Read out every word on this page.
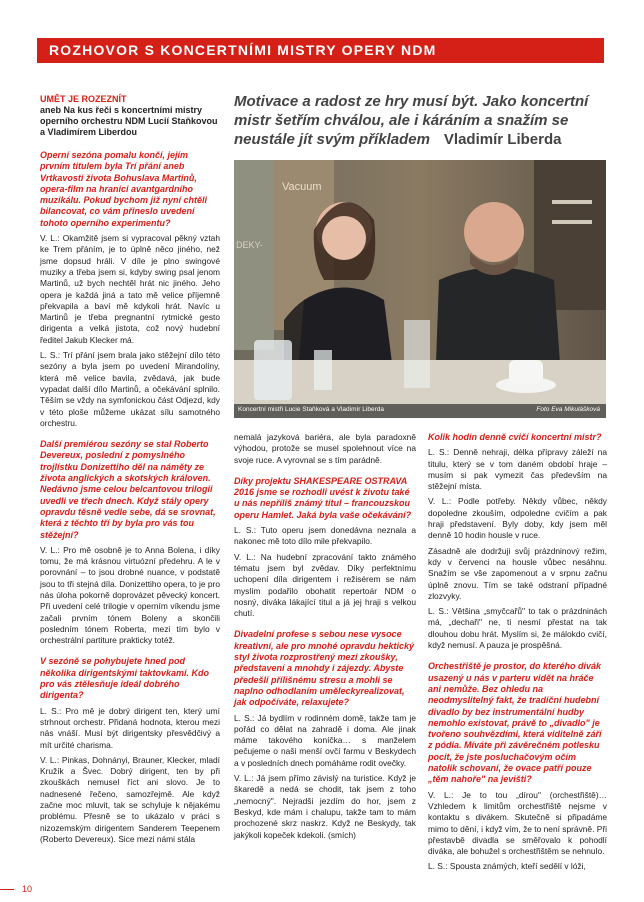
ROZHOVOR S KONCERTNÍMI MISTRY OPERY NDM

UMĚT JE ROZEZNÍT

aneb Na kus řeči s koncertními mistry operního orchestru NDM Lucií Staňkovou a Vladimírem Liberdou

Operní sezóna pomalu končí, jejím prvním titulem byla Trí přání aneb Vrtkavosti života Bohuslava Martinů, opera-film na hranici avantgardního muzikálu. Pokud bychom již nyní chtěli bilancovat, co vám přineslo uvedení tohoto operního experimentu?

V. L.: Okamžitě jsem si vypracoval pěkný vztah ke Trem přáním, je to úplně něco jiného, než jsme dopsud hráli. V díle je plno swingové muziky a třeba jsem si, kdyby swing psal jenom Martinů, už bych nechtěl hrát nic jiného. Jeho opera je každá jiná a tato mě velice příjemně překvapila a baví mě kdykoli hrát. Navíc u Martinů je třeba pregnantní rytmické gesto dirigenta a velká jistota, což nový hudební ředitel Jakub Klecker má.

L. S.: Trí přání jsem brala jako stěžejní dílo této sezóny a byla jsem po uvedení Mirandolíny, která mě velice bavila, zvědavá, jak bude vypadat další dílo Martinů, a očekávání splnilo. Těším se vždy na symfonickou část Odjezd, kdy v této ploše můžeme ukázat sílu samotného orchestru.

Další premiérou sezóny se stal Roberto Devereux, poslední z pomyslného trojlístku Donizettiho děl na náměty ze života anglických a skotských královen. Nedávno jsme celou belcantovou trilogii uvedli ve třech dnech. Když stály opery opravdu těsně vedle sebe, dá se srovnat, která z těchto tří by byla pro vás tou stěžejní?

V. L.: Pro mě osobně je to Anna Bolena, i díky tomu, že má krásnou virtuózní předehru. A le v porovnání – to jsou drobné nuance, v podstatě jsou to tři stejná díla. Donizettiho opera, to je pro nás úloha pokorně doprovázet pěvecký koncert. Při uvedení celé trilogie v operním víkendu jsme začali prvním tónem Boleny a skončili posledním tónem Roberta, mezi tím bylo v orchestrální partiture prakticky totéž.

V sezóně se pohybujete hned pod několika dirigentskými taktovkami. Kdo pro vás ztělesňuje ideál dobrého dirigenta?

L. S.: Pro mě je dobrý dirigent ten, který umí strhnout orchestr. Přidaná hodnota, kterou mezi nás vnáší. Musí být dirigentsky přesvědčivý a mít určité charisma.

V. L.: Pinkas, Dohnányi, Brauner, Klecker, mladí Kružík a Švec. Dobrý dirigent, ten by při zkouškách nemusel říct ani slovo. Je to nadnesené řečeno, samozřejmě. Ale když začne moc mluvit, tak se schyluje k nějakému problému. Přesně se to ukázalo v práci s nizozemským dirigentem Sanderem Teepenem (Roberto Devereux). Sice mezi námi stála

Motivace a radost ze hry musí být. Jako koncertní mistr šetřím chválou, ale i káráním a snažím se neustále jít svým příkladem Vladimír Liberda

Vacuum
DEKY-
Koncertní mistři Lucie Staňková a Vladimír Liberda	Foto Eva Mikulášková

nemalá jazyková bariéra, ale byla paradoxně výhodou, protože se musel spolehnout více na svoje ruce. A vyrovnal se s tím parádně.

Díky projektu SHAKESPEARE OSTRAVA 2016 jsme se rozhodli uvést k životu také u nás nepříliš známý titul – francouzskou operu Hamlet. Jaká byla vaše očekávání?

L. S.: Tuto operu jsem donedávna neznala a nakonec mě toto dílo mile překvapilo.

V. L.: Na hudební zpracování takto známého tématu jsem byl zvědav. Díky perfektnímu uchopení díla dirigentem i režisérem se nám myslím podařilo obohatit repertoár NDM o nosný, diváka lákající titul a já jej hraji s velkou chutí.

Divadelní profese s sebou nese vysoce kreativní, ale pro mnohé opravdu hektický styl života rozprostřený mezi zkoušky, představení a mnohdy i zájezdy. Abyste předešli přílišnému stresu a mohli se naplno odhodlaním uměleckyrealizovat, jak odpočíváte, relaxujete?

L. S.: Já bydlím v rodinném domě, takže tam je pořád co dělat na zahradě i doma. Ale jinak máme takového koníčka… s manželem pečujeme o naši menší ovčí farmu v Beskydech a v posledních dnech pomáháme rodit ovečky.

V. L.: Já jsem přímo závislý na turistice. Když je škaredě a nedá se chodit, tak jsem z toho „nemocný". Nejradši jezdím do hor, jsem z Beskyd, kde mám i chalupu, takže tam to mám prochozené skrz naskrz. Když ne Beskydy, tak jakýkoli kopeček kdekoli. (smích)

Kolik hodin denně cvičí koncertní mistr?

L. S.: Denně nehraji, délka přípravy záleží na titulu, který se v tom daném období hraje – musím si pak vymezit čas především na stěžejní místa.

V. L.: Podle potřeby. Někdy vůbec, někdy dopoledne zkouším, odpoledne cvičím a pak hraji představení. Byly doby, kdy jsem měl denně 10 hodin housle v ruce.

Zásadně ale dodržuji svůj prázdninový režim, kdy v červenci na housle vůbec nesáhnu. Snažím se vše zapomenout a v srpnu začnu úplně znovu. Tím se také odstraní případné zlozvyky.

L. S.: Většina „smyčcařů" to tak o prázdninách má, „dechaři" ne, ti nesmí přestat na tak dlouhou dobu hrát. Myslím si, že málokdo cvičí, když nemusí. A pauza je prospěšná.

Orchestřiště je prostor, do kterého divák usazený u nás v parteru vidět na hráče ani nemůže. Bez ohledu na neodmyslitelný fakt, že tradiční hudební divadlo by bez instrumentální hudby nemohlo existovat, právě to „divadlo" je tvořeno souhvězdími, která viditelně září z pódia. Míváte při závěrečném potlesku pocit, že jste posluchačovým očím natolik schovaní, že ovace patří pouze „těm nahoře" na jevišti?

V. L.: Je to tou „dírou" (orchestřiště)… Vzhledem k limitům orchestřiště nejsme v kontaktu s divákem. Skutečně si připadáme mimo to dění, i když vím, že to není správně. Při přestavbě divadla se směřovalo k pohodlí diváka, ale bohužel s orchestřištěm se nehnulo.

L. S.: Spousta známých, kteří sedělí v lóži,

10
